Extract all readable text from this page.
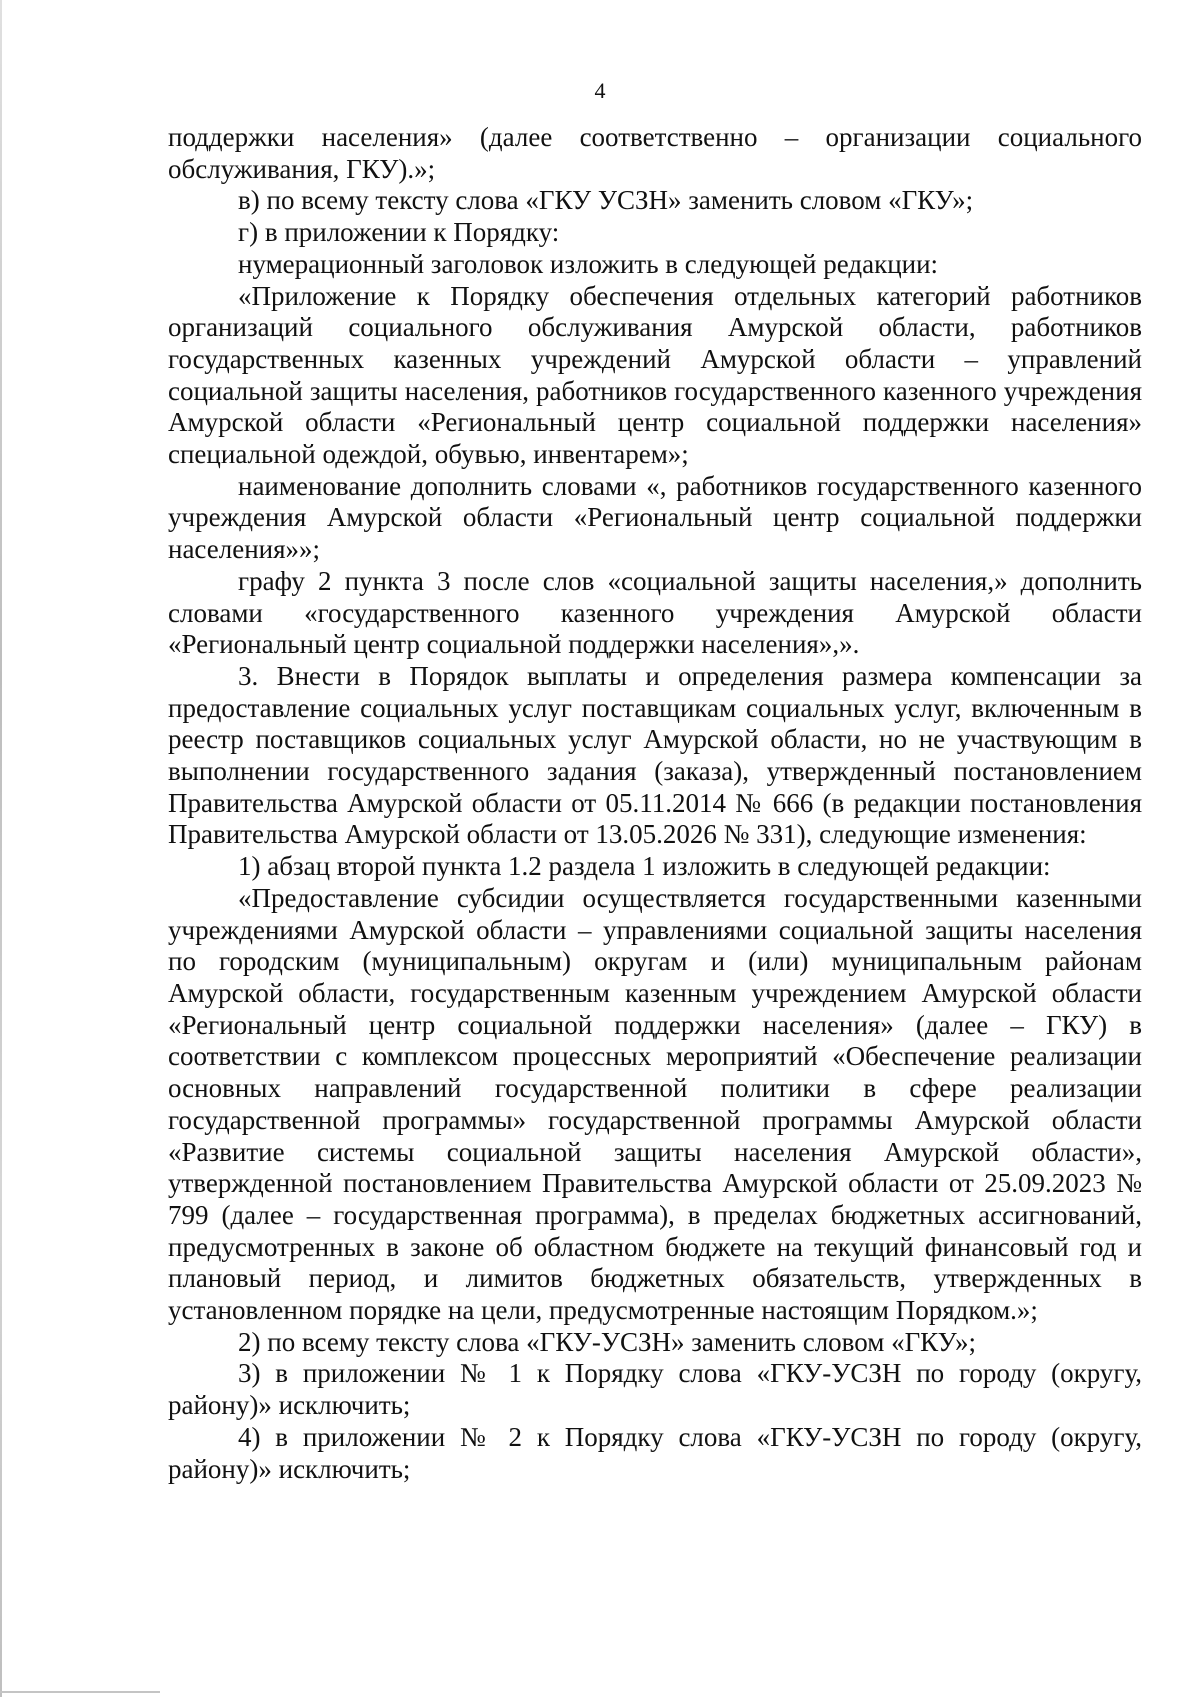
4

поддержки населения» (далее соответственно – организации социального обслуживания, ГКУ).»;

в) по всему тексту слова «ГКУ УСЗН» заменить словом «ГКУ»;

г) в приложении к Порядку:

нумерационный заголовок изложить в следующей редакции:

«Приложение к Порядку обеспечения отдельных категорий работников организаций социального обслуживания Амурской области, работников государственных казенных учреждений Амурской области – управлений социальной защиты населения, работников государственного казенного учреждения Амурской области «Региональный центр социальной поддержки населения» специальной одеждой, обувью, инвентарем»;

наименование дополнить словами «, работников государственного казенного учреждения Амурской области «Региональный центр социальной поддержки населения»»;

графу 2 пункта 3 после слов «социальной защиты населения,» дополнить словами «государственного казенного учреждения Амурской области «Региональный центр социальной поддержки населения»,».

3. Внести в Порядок выплаты и определения размера компенсации за предоставление социальных услуг поставщикам социальных услуг, включенным в реестр поставщиков социальных услуг Амурской области, но не участвующим в выполнении государственного задания (заказа), утвержденный постановлением Правительства Амурской области от 05.11.2014 № 666 (в редакции постановления Правительства Амурской области от 13.05.2026 № 331), следующие изменения:

1) абзац второй пункта 1.2 раздела 1 изложить в следующей редакции:

«Предоставление субсидии осуществляется государственными казенными учреждениями Амурской области – управлениями социальной защиты населения по городским (муниципальным) округам и (или) муниципальным районам Амурской области, государственным казенным учреждением Амурской области «Региональный центр социальной поддержки населения» (далее – ГКУ) в соответствии с комплексом процессных мероприятий «Обеспечение реализации основных направлений государственной политики в сфере реализации государственной программы» государственной программы Амурской области «Развитие системы социальной защиты населения Амурской области», утвержденной постановлением Правительства Амурской области от 25.09.2023 № 799 (далее – государственная программа), в пределах бюджетных ассигнований, предусмотренных в законе об областном бюджете на текущий финансовый год и плановый период, и лимитов бюджетных обязательств, утвержденных в установленном порядке на цели, предусмотренные настоящим Порядком.»;

2) по всему тексту слова «ГКУ-УСЗН» заменить словом «ГКУ»;

3) в приложении № 1 к Порядку слова «ГКУ-УСЗН по городу (округу, району)» исключить;

4) в приложении № 2 к Порядку слова «ГКУ-УСЗН по городу (округу, району)» исключить;
